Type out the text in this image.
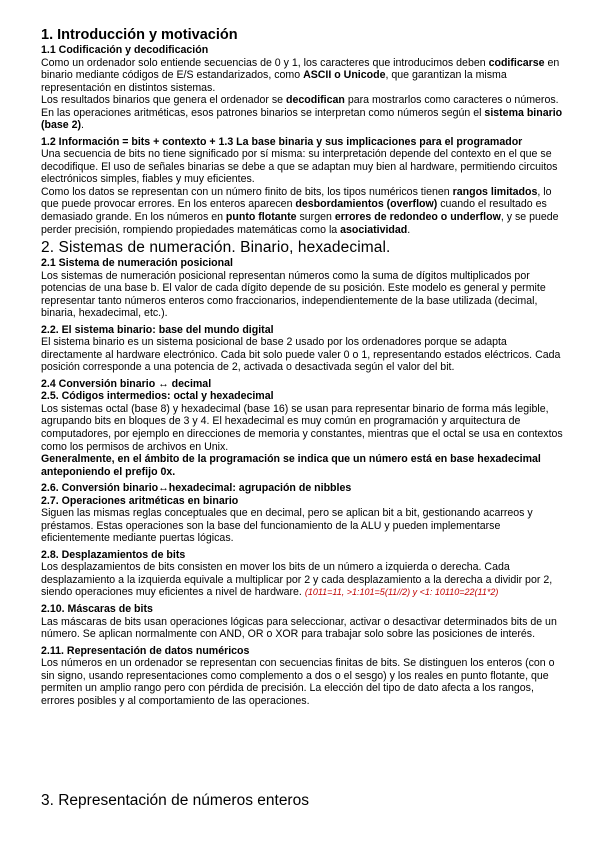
1. Introducción y motivación
1.1 Codificación y decodificación

Como un ordenador solo entiende secuencias de 0 y 1, los caracteres que introducimos deben codificarse en binario mediante códigos de E/S estandarizados, como ASCII o Unicode, que garantizan la misma representación en distintos sistemas.

Los resultados binarios que genera el ordenador se decodifican para mostrarlos como caracteres o números. En las operaciones aritméticas, esos patrones binarios se interpretan como números según el sistema binario (base 2).

1.2 Información = bits + contexto + 1.3 La base binaria y sus implicaciones para el programador

Una secuencia de bits no tiene significado por sí misma: su interpretación depende del contexto en el que se decodifique. El uso de señales binarias se debe a que se adaptan muy bien al hardware, permitiendo circuitos electrónicos simples, fiables y muy eficientes.

Como los datos se representan con un número finito de bits, los tipos numéricos tienen rangos limitados, lo que puede provocar errores. En los enteros aparecen desbordamientos (overflow) cuando el resultado es demasiado grande. En los números en punto flotante surgen errores de redondeo o underflow, y se puede perder precisión, rompiendo propiedades matemáticas como la asociatividad.

2. Sistemas de numeración. Binario, hexadecimal.
2.1 Sistema de numeración posicional

Los sistemas de numeración posicional representan números como la suma de dígitos multiplicados por potencias de una base b. El valor de cada dígito depende de su posición. Este modelo es general y permite representar tanto números enteros como fraccionarios, independientemente de la base utilizada (decimal, binaria, hexadecimal, etc.).

2.2. El sistema binario: base del mundo digital

El sistema binario es un sistema posicional de base 2 usado por los ordenadores porque se adapta directamente al hardware electrónico. Cada bit solo puede valer 0 o 1, representando estados eléctricos. Cada posición corresponde a una potencia de 2, activada o desactivada según el valor del bit.

2.4 Conversión binario ↔ decimal
2.5. Códigos intermedios: octal y hexadecimal

Los sistemas octal (base 8) y hexadecimal (base 16) se usan para representar binario de forma más legible, agrupando bits en bloques de 3 y 4. El hexadecimal es muy común en programación y arquitectura de computadores, por ejemplo en direcciones de memoria y constantes, mientras que el octal se usa en contextos como los permisos de archivos en Unix.

Generalmente, en el ámbito de la programación se indica que un número está en base hexadecimal anteponiendo el prefijo 0x.

2.6. Conversión binario↔hexadecimal: agrupación de nibbles
2.7. Operaciones aritméticas en binario

Siguen las mismas reglas conceptuales que en decimal, pero se aplican bit a bit, gestionando acarreos y préstamos. Estas operaciones son la base del funcionamiento de la ALU y pueden implementarse eficientemente mediante puertas lógicas.

2.8. Desplazamientos de bits

Los desplazamientos de bits consisten en mover los bits de un número a izquierda o derecha. Cada desplazamiento a la izquierda equivale a multiplicar por 2 y cada desplazamiento a la derecha a dividir por 2, siendo operaciones muy eficientes a nivel de hardware. (1011=11, >1:101=5(11//2) y <1: 10110=22(11*2)

2.10. Máscaras de bits

Las máscaras de bits usan operaciones lógicas para seleccionar, activar o desactivar determinados bits de un número. Se aplican normalmente con AND, OR o XOR para trabajar solo sobre las posiciones de interés.

2.11. Representación de datos numéricos

Los números en un ordenador se representan con secuencias finitas de bits. Se distinguen los enteros (con o sin signo, usando representaciones como complemento a dos o el sesgo) y los reales en punto flotante, que permiten un amplio rango pero con pérdida de precisión. La elección del tipo de dato afecta a los rangos, errores posibles y al comportamiento de las operaciones.

3. Representación de números enteros
